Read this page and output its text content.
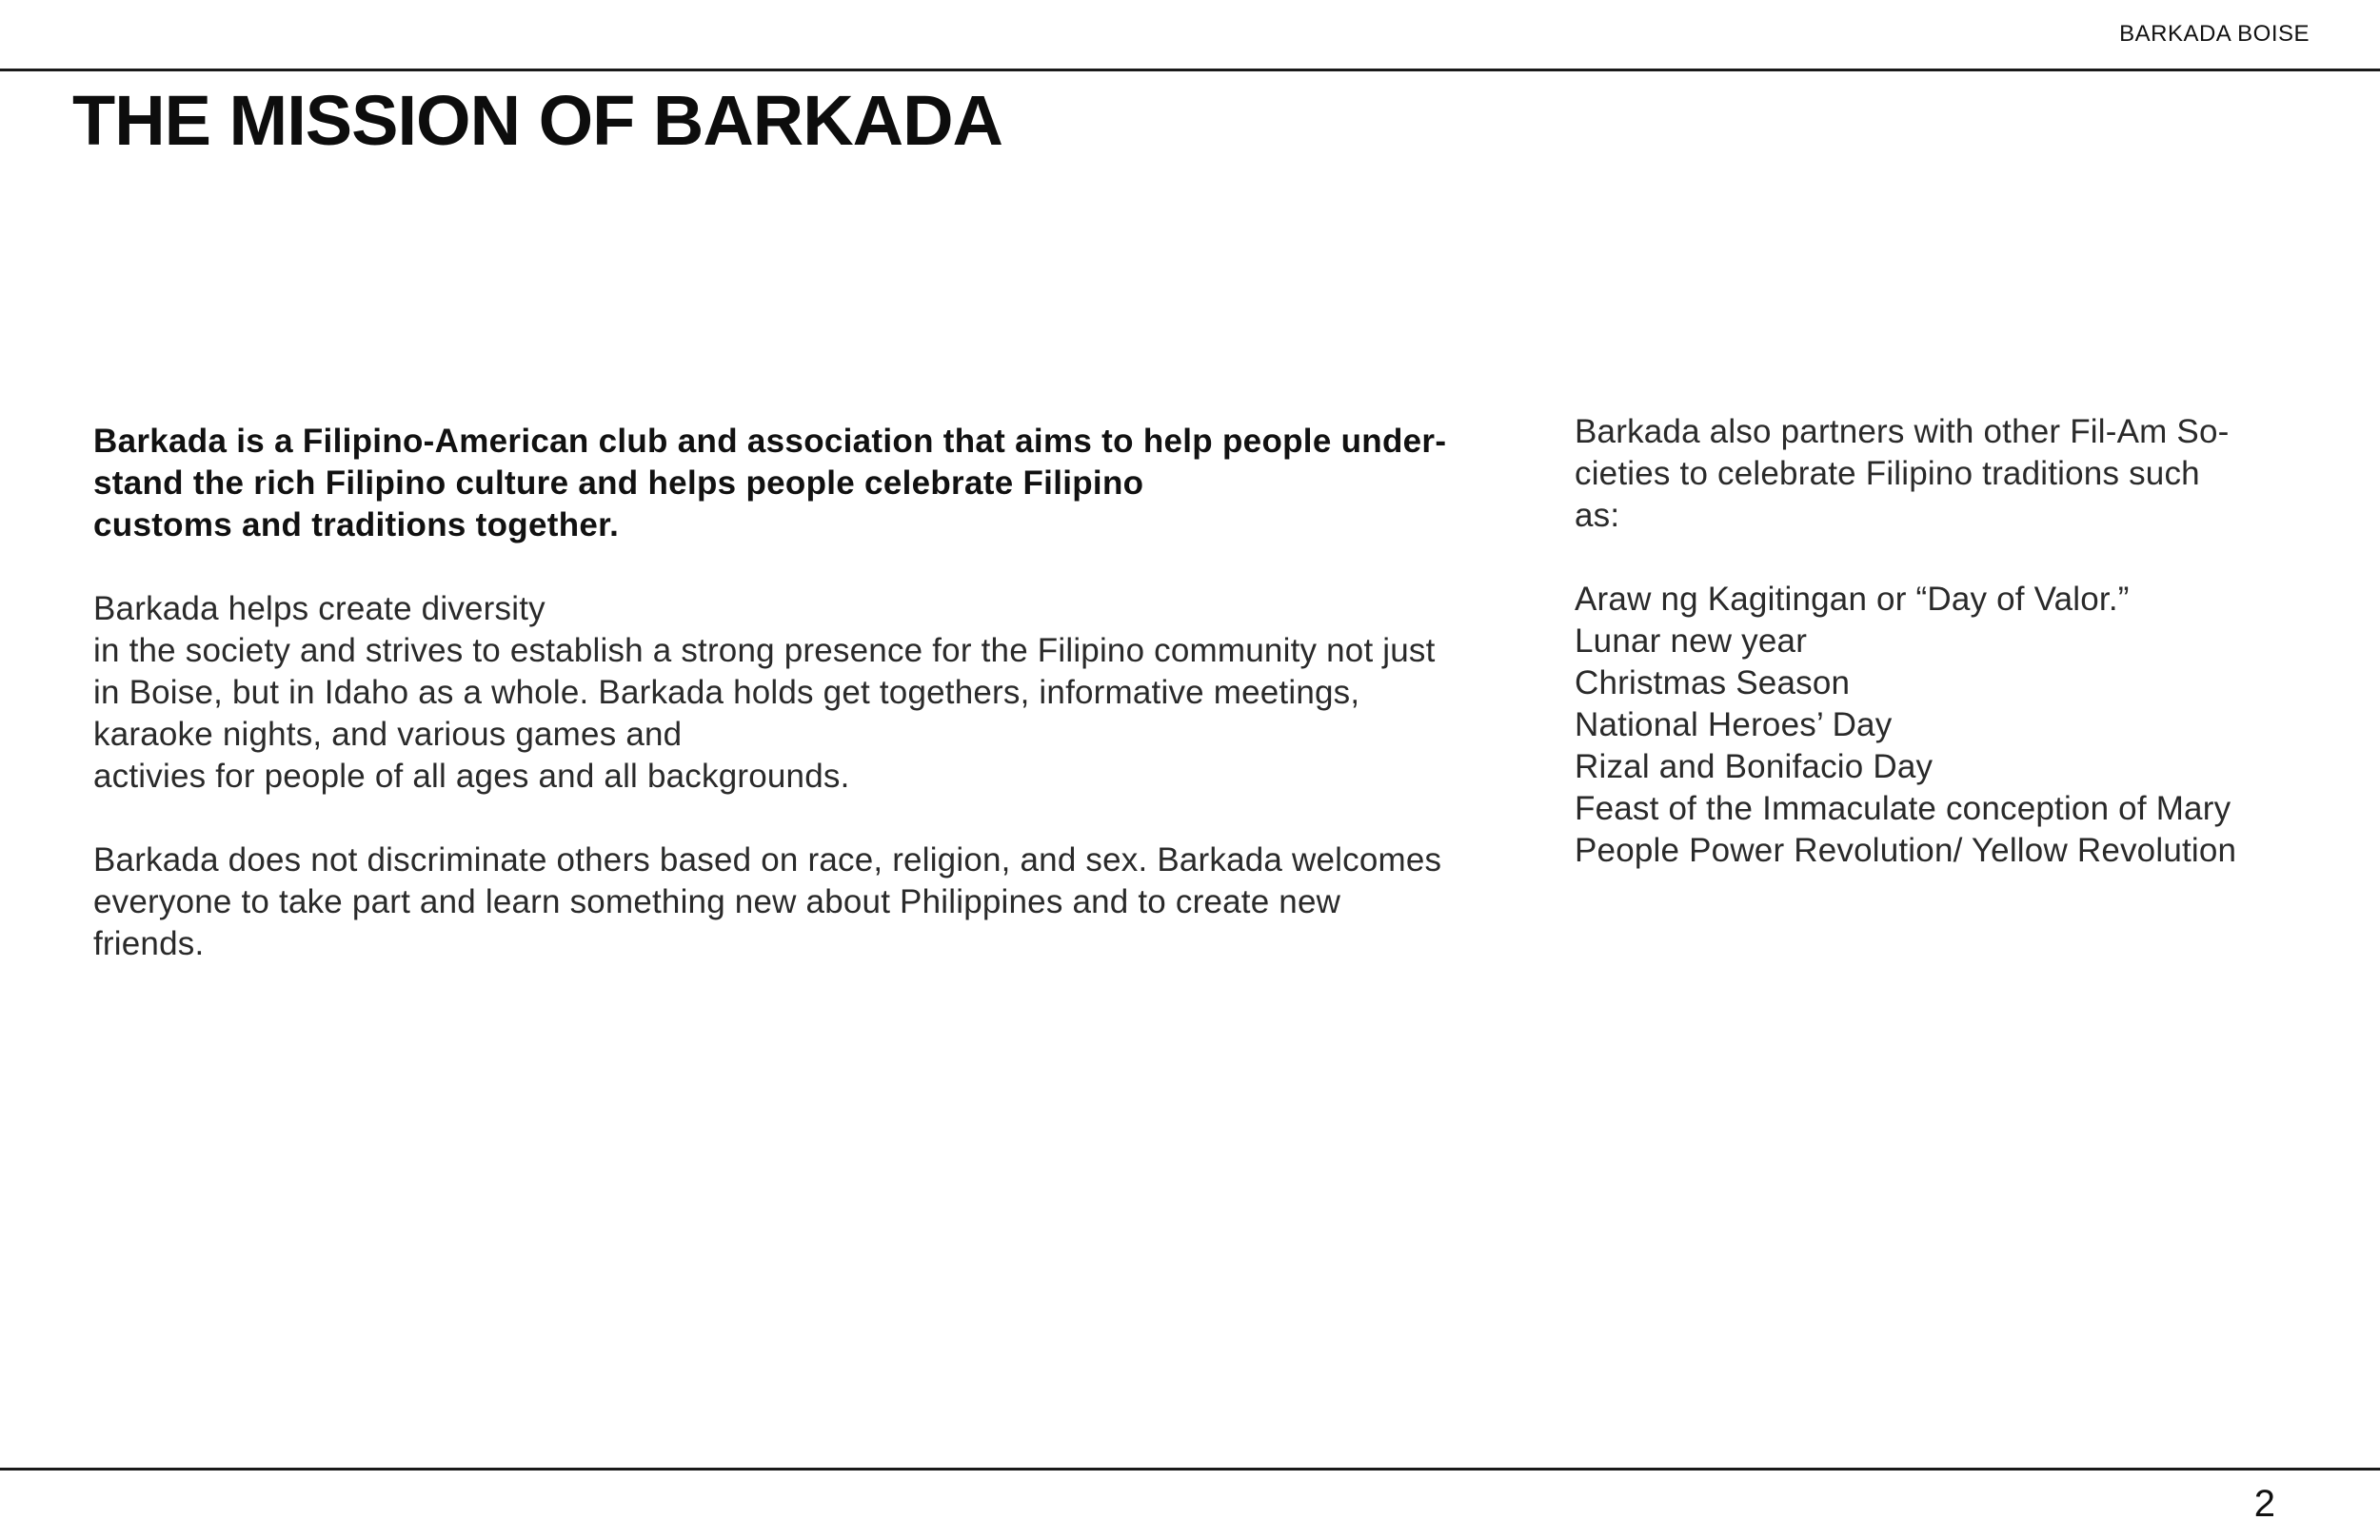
BARKADA BOISE
THE MISSION OF BARKADA

Barkada is a Filipino-American club and association that aims to help people under-
stand the rich Filipino culture and helps people celebrate Filipino
customs and traditions together.

Barkada helps create diversity
in the society and strives to establish a strong presence for the Filipino community not just
in Boise, but in Idaho as a whole. Barkada holds get togethers, informative meetings,
karaoke nights, and various games and
activies for people of all ages and all backgrounds.

Barkada does not discriminate others based on race, religion, and sex. Barkada welcomes
everyone to take part and learn something new about Philippines and to create new
friends.

Barkada also partners with other Fil-Am So-
cieties to celebrate Filipino traditions such
as:

Araw ng Kagitingan or “Day of Valor.”
Lunar new year
Christmas Season
National Heroes’ Day
Rizal and Bonifacio Day
Feast of the Immaculate conception of Mary
People Power Revolution/ Yellow Revolution
2
